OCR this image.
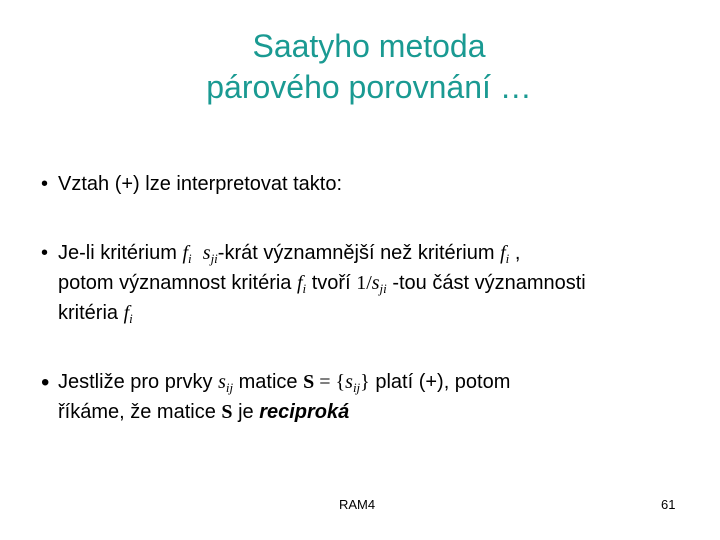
Saatyho metoda
párového porovnání …
• Vztah (+) lze interpretovat takto:
• Je-li kritérium $f_i$ $s_{ji}$-krát významnější než kritérium $f_i$ ,
potom významnost kritéria $f_i$ tvoří $1/s_{ji}$ -tou část významnosti
kritéria $f_i$
• Jestliže pro prvky $s_{ij}$ matice $S = \{s_{ij}\}$ platí (+), potom
říkáme, že matice S je reciproká
RAM4	61
